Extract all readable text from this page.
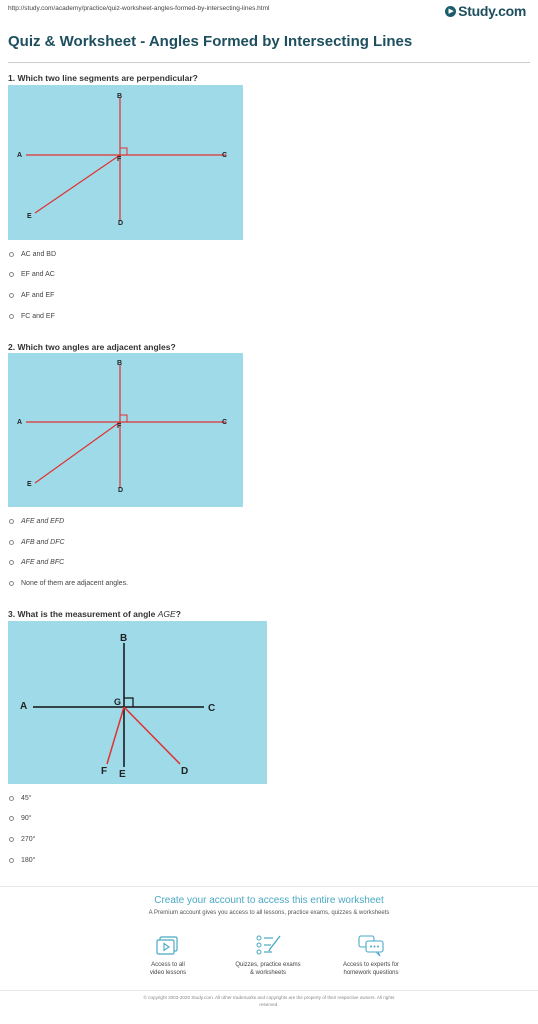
http://study.com/academy/practice/quiz-worksheet-angles-formed-by-intersecting-lines.html	▶ Study.com
Quiz & Worksheet - Angles Formed by Intersecting Lines
1. Which two line segments are perpendicular?
A
B
C
D
E
F
AC and BD
EF and AC
AF and EF
FC and EF
2. Which two angles are adjacent angles?
A
B
C
D
E
F
AFE and EFD
AFB and DFC
AFE and BFC
None of them are adjacent angles.
3. What is the measurement of angle AGE?
A
B
C
D
E
F
G
45°
90°
270°
180°
Create your account to access this entire worksheet
A Premium account gives you access to all lessons, practice exams, quizzes & worksheets
Access to all
video lessons
Quizzes, practice exams
& worksheets
Access to experts for
homework questions
© copyright 2003-2020 Study.com. All other trademarks and copyrights are the property of their respective owners. All rights
reserved.
